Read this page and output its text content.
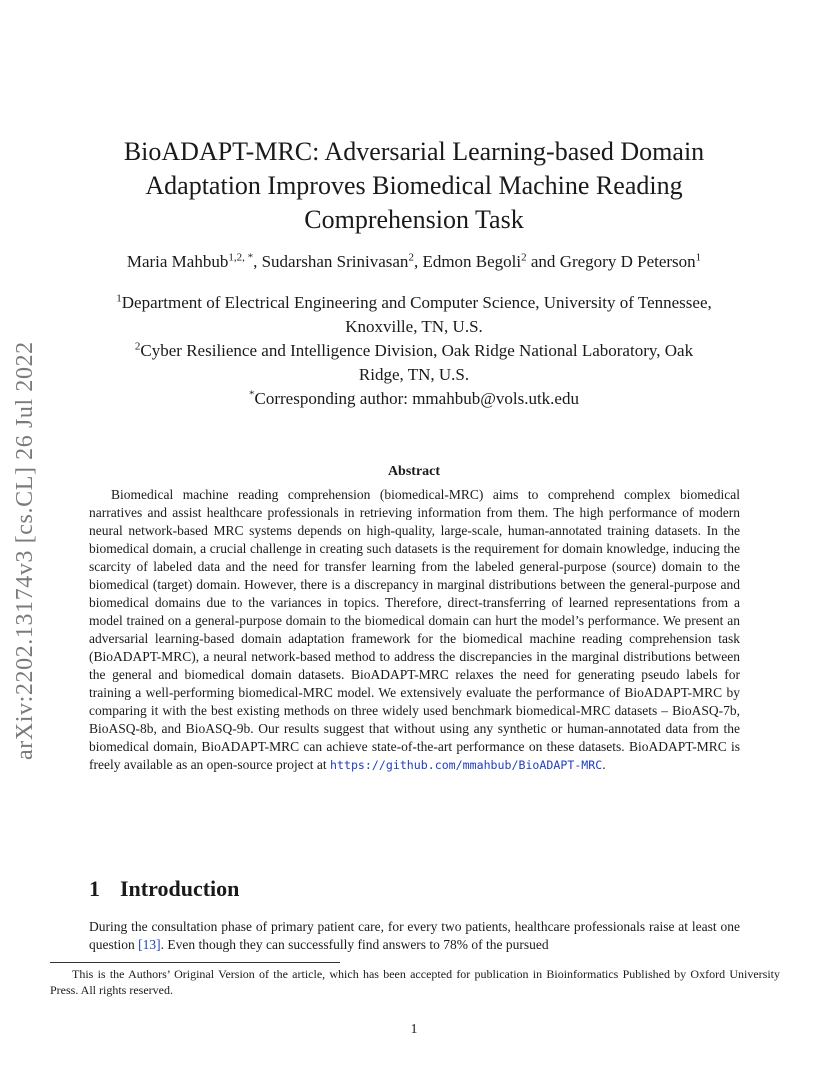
arXiv:2202.13174v3 [cs.CL] 26 Jul 2022
BioADAPT-MRC: Adversarial Learning-based Domain
Adaptation Improves Biomedical Machine Reading
Comprehension Task
Maria Mahbub$^{1,2, *}$, Sudarshan Srinivasan$^2$, Edmon Begoli$^2$ and Gregory D Peterson$^1$
$^1$Department of Electrical Engineering and Computer Science, University of Tennessee,
Knoxville, TN, U.S.
$^2$Cyber Resilience and Intelligence Division, Oak Ridge National Laboratory, Oak
Ridge, TN, U.S.
*Corresponding author: mmahbub@vols.utk.edu
Abstract

Biomedical machine reading comprehension (biomedical-MRC) aims to comprehend complex biomedical narratives and assist healthcare professionals in retrieving information from them. The high performance of modern neural network-based MRC systems depends on high-quality, large-scale, human-annotated training datasets. In the biomedical domain, a crucial challenge in creating such datasets is the requirement for domain knowledge, inducing the scarcity of labeled data and the need for transfer learning from the labeled general-purpose (source) domain to the biomedical (target) domain. However, there is a discrepancy in marginal distributions between the general-purpose and biomedical domains due to the variances in topics. Therefore, direct-transferring of learned representations from a model trained on a general-purpose domain to the biomedical domain can hurt the model’s performance. We present an adversarial learning-based domain adaptation framework for the biomedical machine reading comprehension task (BioADAPT-MRC), a neural network-based method to address the discrepancies in the marginal distributions between the general and biomedical domain datasets. BioADAPT-MRC relaxes the need for generating pseudo labels for training a well-performing biomedical-MRC model. We extensively evaluate the performance of BioADAPT-MRC by comparing it with the best existing methods on three widely used benchmark biomedical-MRC datasets – BioASQ-7b, BioASQ-8b, and BioASQ-9b. Our results suggest that without using any synthetic or human-annotated data from the biomedical domain, BioADAPT-MRC can achieve state-of-the-art performance on these datasets. BioADAPT-MRC is freely available as an open-source project at https://github.com/mmahbub/BioADAPT-MRC.

1 Introduction

During the consultation phase of primary patient care, for every two patients, healthcare professionals raise at least one question [13]. Even though they can successfully find answers to 78% of the pursued

This is the Authors’ Original Version of the article, which has been accepted for publication in Bioinformatics Published by Oxford University Press. All rights reserved.

1
